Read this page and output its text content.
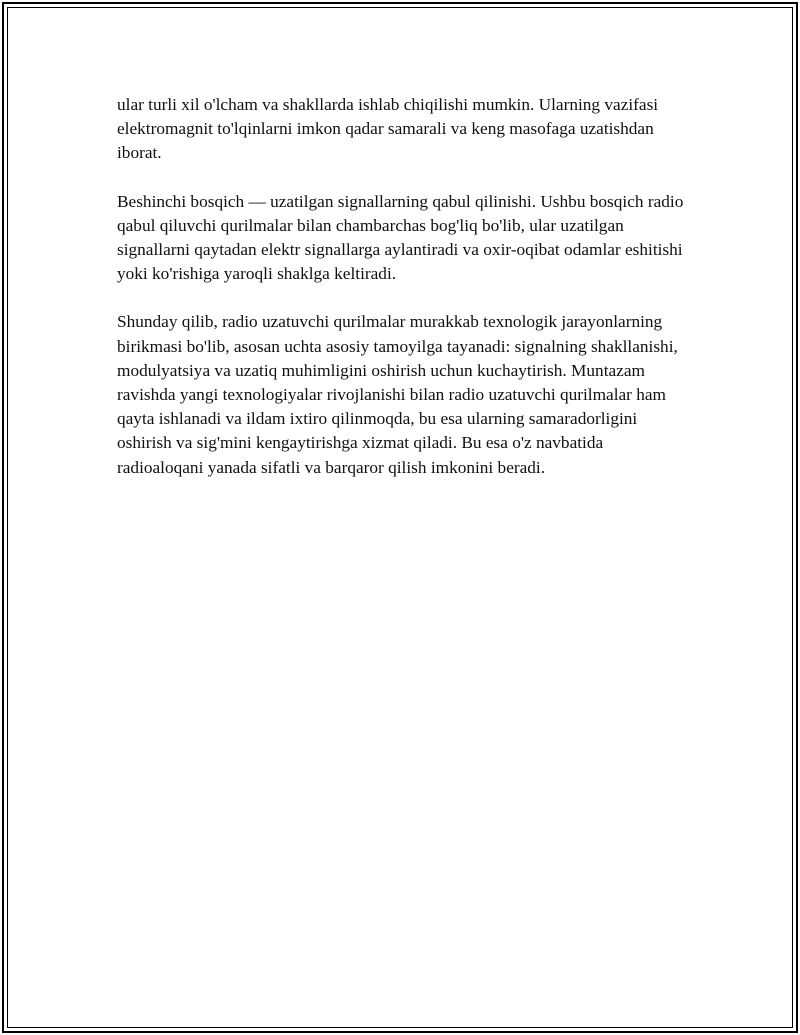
ular turli xil o'lcham va shakllarda ishlab chiqilishi mumkin. Ularning vazifasi elektromagnit to'lqinlarni imkon qadar samarali va keng masofaga uzatishdan iborat.

Beshinchi bosqich — uzatilgan signallarning qabul qilinishi. Ushbu bosqich radio qabul qiluvchi qurilmalar bilan chambarchas bog'liq bo'lib, ular uzatilgan signallarni qaytadan elektr signallarga aylantiradi va oxir-oqibat odamlar eshitishi yoki ko'rishiga yaroqli shaklga keltiradi.

Shunday qilib, radio uzatuvchi qurilmalar murakkab texnologik jarayonlarning birikmasi bo'lib, asosan uchta asosiy tamoyilga tayanadi: signalning shakllanishi, modulyatsiya va uzatiq muhimligini oshirish uchun kuchaytirish. Muntazam ravishda yangi texnologiyalar rivojlanishi bilan radio uzatuvchi qurilmalar ham qayta ishlanadi va ildam ixtiro qilinmoqda, bu esa ularning samaradorligini oshirish va sig'mini kengaytirishga xizmat qiladi. Bu esa o'z navbatida radioaloqani yanada sifatli va barqaror qilish imkonini beradi.
